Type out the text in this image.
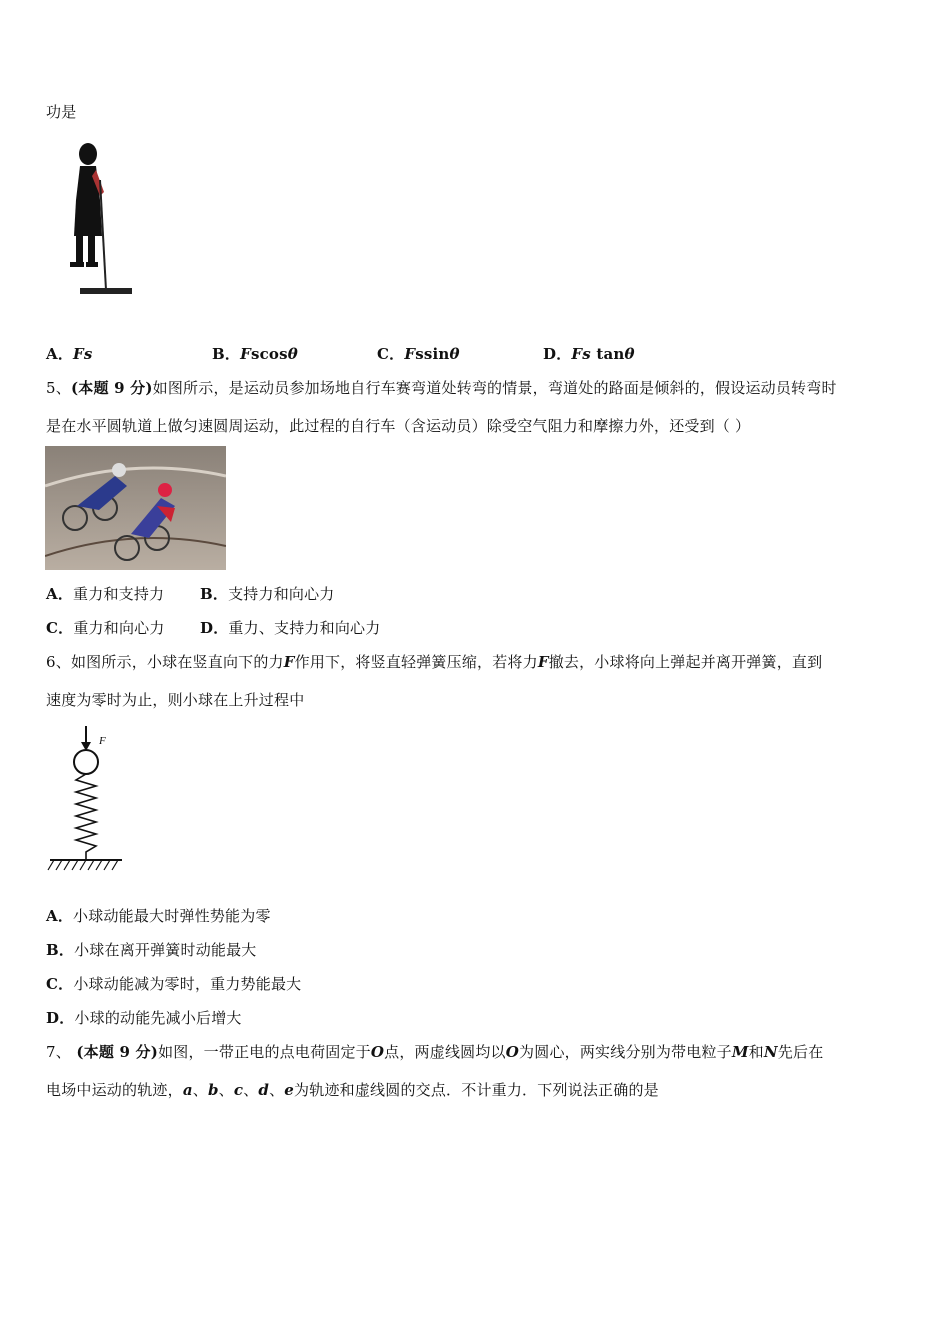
功是
A．Fs	B．Fscosθ	C．Fssinθ	D．Fs tanθ
5、(本题 9 分)如图所示，是运动员参加场地自行车赛弯道处转弯的情景，弯道处的路面是倾斜的，假设运动员转弯时
是在水平圆轨道上做匀速圆周运动，此过程的自行车（含运动员）除受空气阻力和摩擦力外，还受到（ ）
A．重力和支持力 B．支持力和向心力
C．重力和向心力 D．重力、支持力和向心力
6、如图所示，小球在竖直向下的力F作用下，将竖直轻弹簧压缩，若将力F撤去，小球将向上弹起并离开弹簧，直到
速度为零时为止，则小球在上升过程中
F
A．小球动能最大时弹性势能为零
B．小球在离开弹簧时动能最大
C．小球动能减为零时，重力势能最大
D．小球的动能先减小后增大
7、 (本题 9 分)如图，一带正电的点电荷固定于O点，两虚线圆均以O为圆心，两实线分别为带电粒子M和N先后在
电场中运动的轨迹，a、b、c、d、e为轨迹和虚线圆的交点．不计重力．下列说法正确的是
